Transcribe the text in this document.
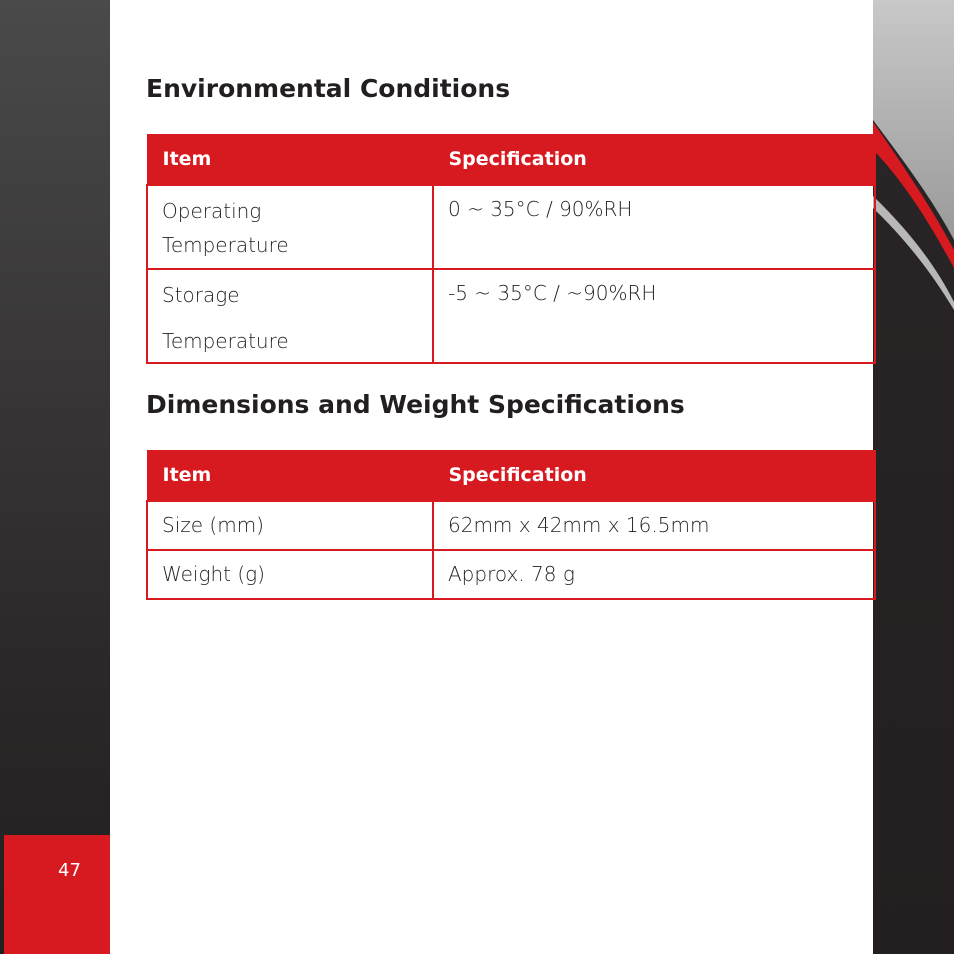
47
Environmental Conditions
Item	Specification

Operating
Temperature	0 ~ 35°C / 90%RH

Storage
Temperature	-5 ~ 35°C / ~90%RH
Dimensions and Weight Specifications
Item	Specification
Size (mm)	62mm x 42mm x 16.5mm
Weight (g)	Approx. 78 g
